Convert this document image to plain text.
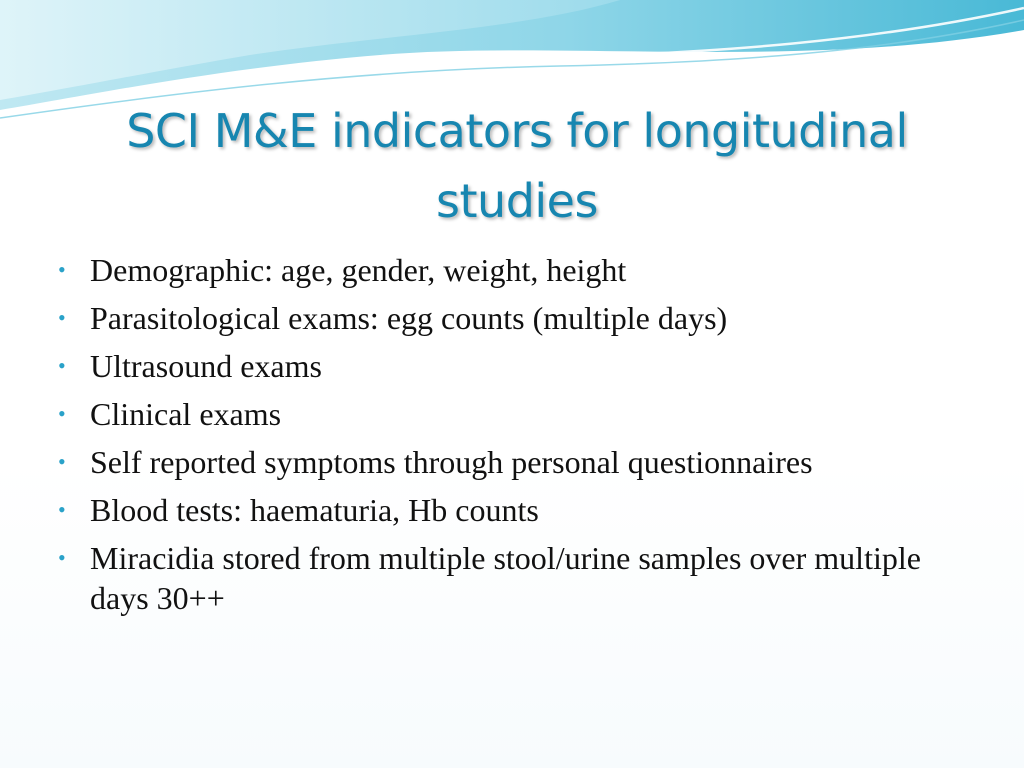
SCI M&E indicators for longitudinal
studies
• Demographic: age, gender, weight, height
• Parasitological exams: egg counts (multiple days)
• Ultrasound exams
• Clinical exams
• Self reported symptoms through personal questionnaires
• Blood tests: haematuria, Hb counts
• Miracidia stored from multiple stool/urine samples over multiple days 30++
